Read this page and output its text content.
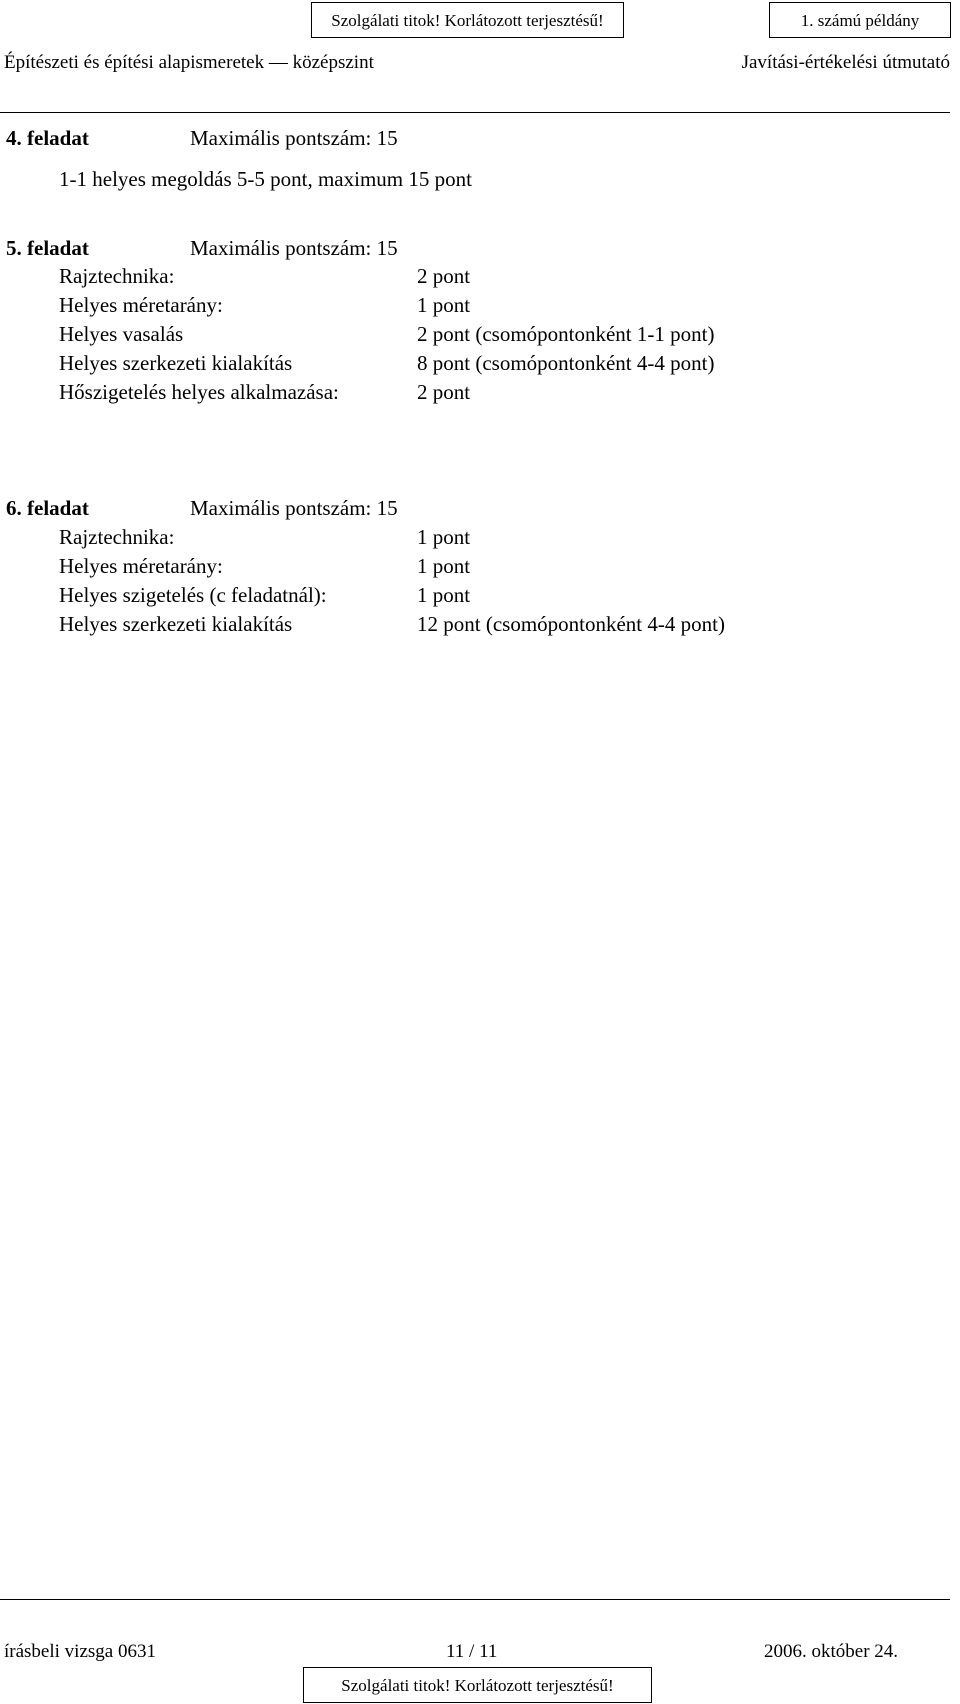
Szolgálati titok! Korlátozott terjesztésű!	1. számú példány
Építészeti és építési alapismeretek — középszint	Javítási-értékelési útmutató
4. feladat	Maximális pontszám: 15
1-1 helyes megoldás 5-5 pont, maximum 15 pont
5. feladat	Maximális pontszám: 15
Rajztechnika:	2 pont
Helyes méretarány:	1 pont
Helyes vasalás	2 pont (csomópontonként 1-1 pont)
Helyes szerkezeti kialakítás	8 pont (csomópontonként 4-4 pont)
Hőszigetelés helyes alkalmazása:	2 pont
6. feladat	Maximális pontszám: 15
Rajztechnika:	1 pont
Helyes méretarány:	1 pont
Helyes szigetelés (c feladatnál):	1 pont
Helyes szerkezeti kialakítás	12 pont (csomópontonként 4-4 pont)
írásbeli vizsga 0631	11 / 11	2006. október 24.
Szolgálati titok! Korlátozott terjesztésű!
